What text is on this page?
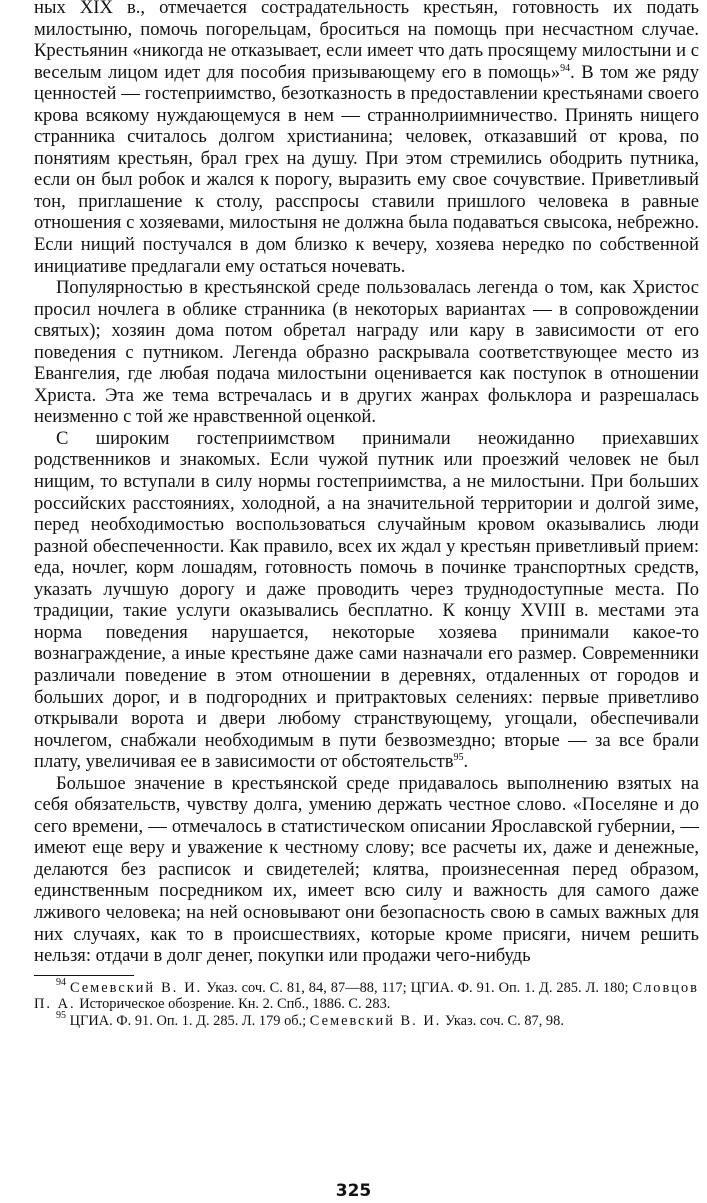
ных XIX в., отмечается сострадательность крестьян, готовность их подать милостыню, помочь погорельцам, броситься на помощь при несчастном случае. Крестьянин «никогда не отказывает, если имеет что дать просящему милостыни и с веселым лицом идет для пособия призывающему его в помощь»$^{94}$. В том же ряду ценностей — гостеприимство, безотказность в предоставлении крестьянами своего крова всякому нуждающемуся в нем — страннолриимничество. Принять нищего странника считалось долгом христианина; человек, отказавший от крова, по понятиям крестьян, брал грех на душу. При этом стремились ободрить путника, если он был робок и жался к порогу, выразить ему свое сочувствие. Приветливый тон, приглашение к столу, расспросы ставили пришлого человека в равные отношения с хозяевами, милостыня не должна была подаваться свысока, небрежно. Если нищий постучался в дом близко к вечеру, хозяева нередко по собственной инициативе предлагали ему остаться ночевать.

Популярностью в крестьянской среде пользовалась легенда о том, как Христос просил ночлега в облике странника (в некоторых вариантах — в сопровождении святых); хозяин дома потом обретал награду или кару в зависимости от его поведения с путником. Легенда образно раскрывала соответствующее место из Евангелия, где любая подача милостыни оценивается как поступок в отношении Христа. Эта же тема встречалась и в других жанрах фольклора и разрешалась неизменно с той же нравственной оценкой.

С широким гостеприимством принимали неожиданно приехавших родственников и знакомых. Если чужой путник или проезжий человек не был нищим, то вступали в силу нормы гостеприимства, а не милостыни. При больших российских расстояниях, холодной, а на значительной территории и долгой зиме, перед необходимостью воспользоваться случайным кровом оказывались люди разной обеспеченности. Как правило, всех их ждал у крестьян приветливый прием: еда, ночлег, корм лошадям, готовность помочь в починке транспортных средств, указать лучшую дорогу и даже проводить через труднодоступные места. По традиции, такие услуги оказывались бесплатно. К концу XVIII в. местами эта норма поведения нарушается, некоторые хозяева принимали какое-то вознаграждение, а иные крестьяне даже сами назначали его размер. Современники различали поведение в этом отношении в деревнях, отдаленных от городов и больших дорог, и в подгородних и притрактовых селениях: первые приветливо открывали ворота и двери любому странствующему, угощали, обеспечивали ночлегом, снабжали необходимым в пути безвозмездно; вторые — за все брали плату, увеличивая ее в зависимости от обстоятельств$^{95}$.

Большое значение в крестьянской среде придавалось выполнению взятых на себя обязательств, чувству долга, умению держать честное слово. «Поселяне и до сего времени, — отмечалось в статистическом описании Ярославской губернии, — имеют еще веру и уважение к честному слову; все расчеты их, даже и денежные, делаются без расписок и свидетелей; клятва, произнесенная перед образом, единственным посредником их, имеет всю силу и важность для самого даже лживого человека; на ней основывают они безопасность свою в самых важных для них случаях, как то в происшествиях, которые кроме присяги, ничем решить нельзя: отдачи в долг денег, покупки или продажи чего-нибудь

$^{94}$ Семевский В. И. Указ. соч. С. 81, 84, 87—88, 117; ЦГИА. Ф. 91. Оп. 1. Д. 285. Л. 180; Словцов П. А. Историческое обозрение. Кн. 2. Спб., 1886. С. 283.

$^{95}$ ЦГИА. Ф. 91. Оп. 1. Д. 285. Л. 179 об.; Семевский В. И. Указ. соч. С. 87, 98.

325
